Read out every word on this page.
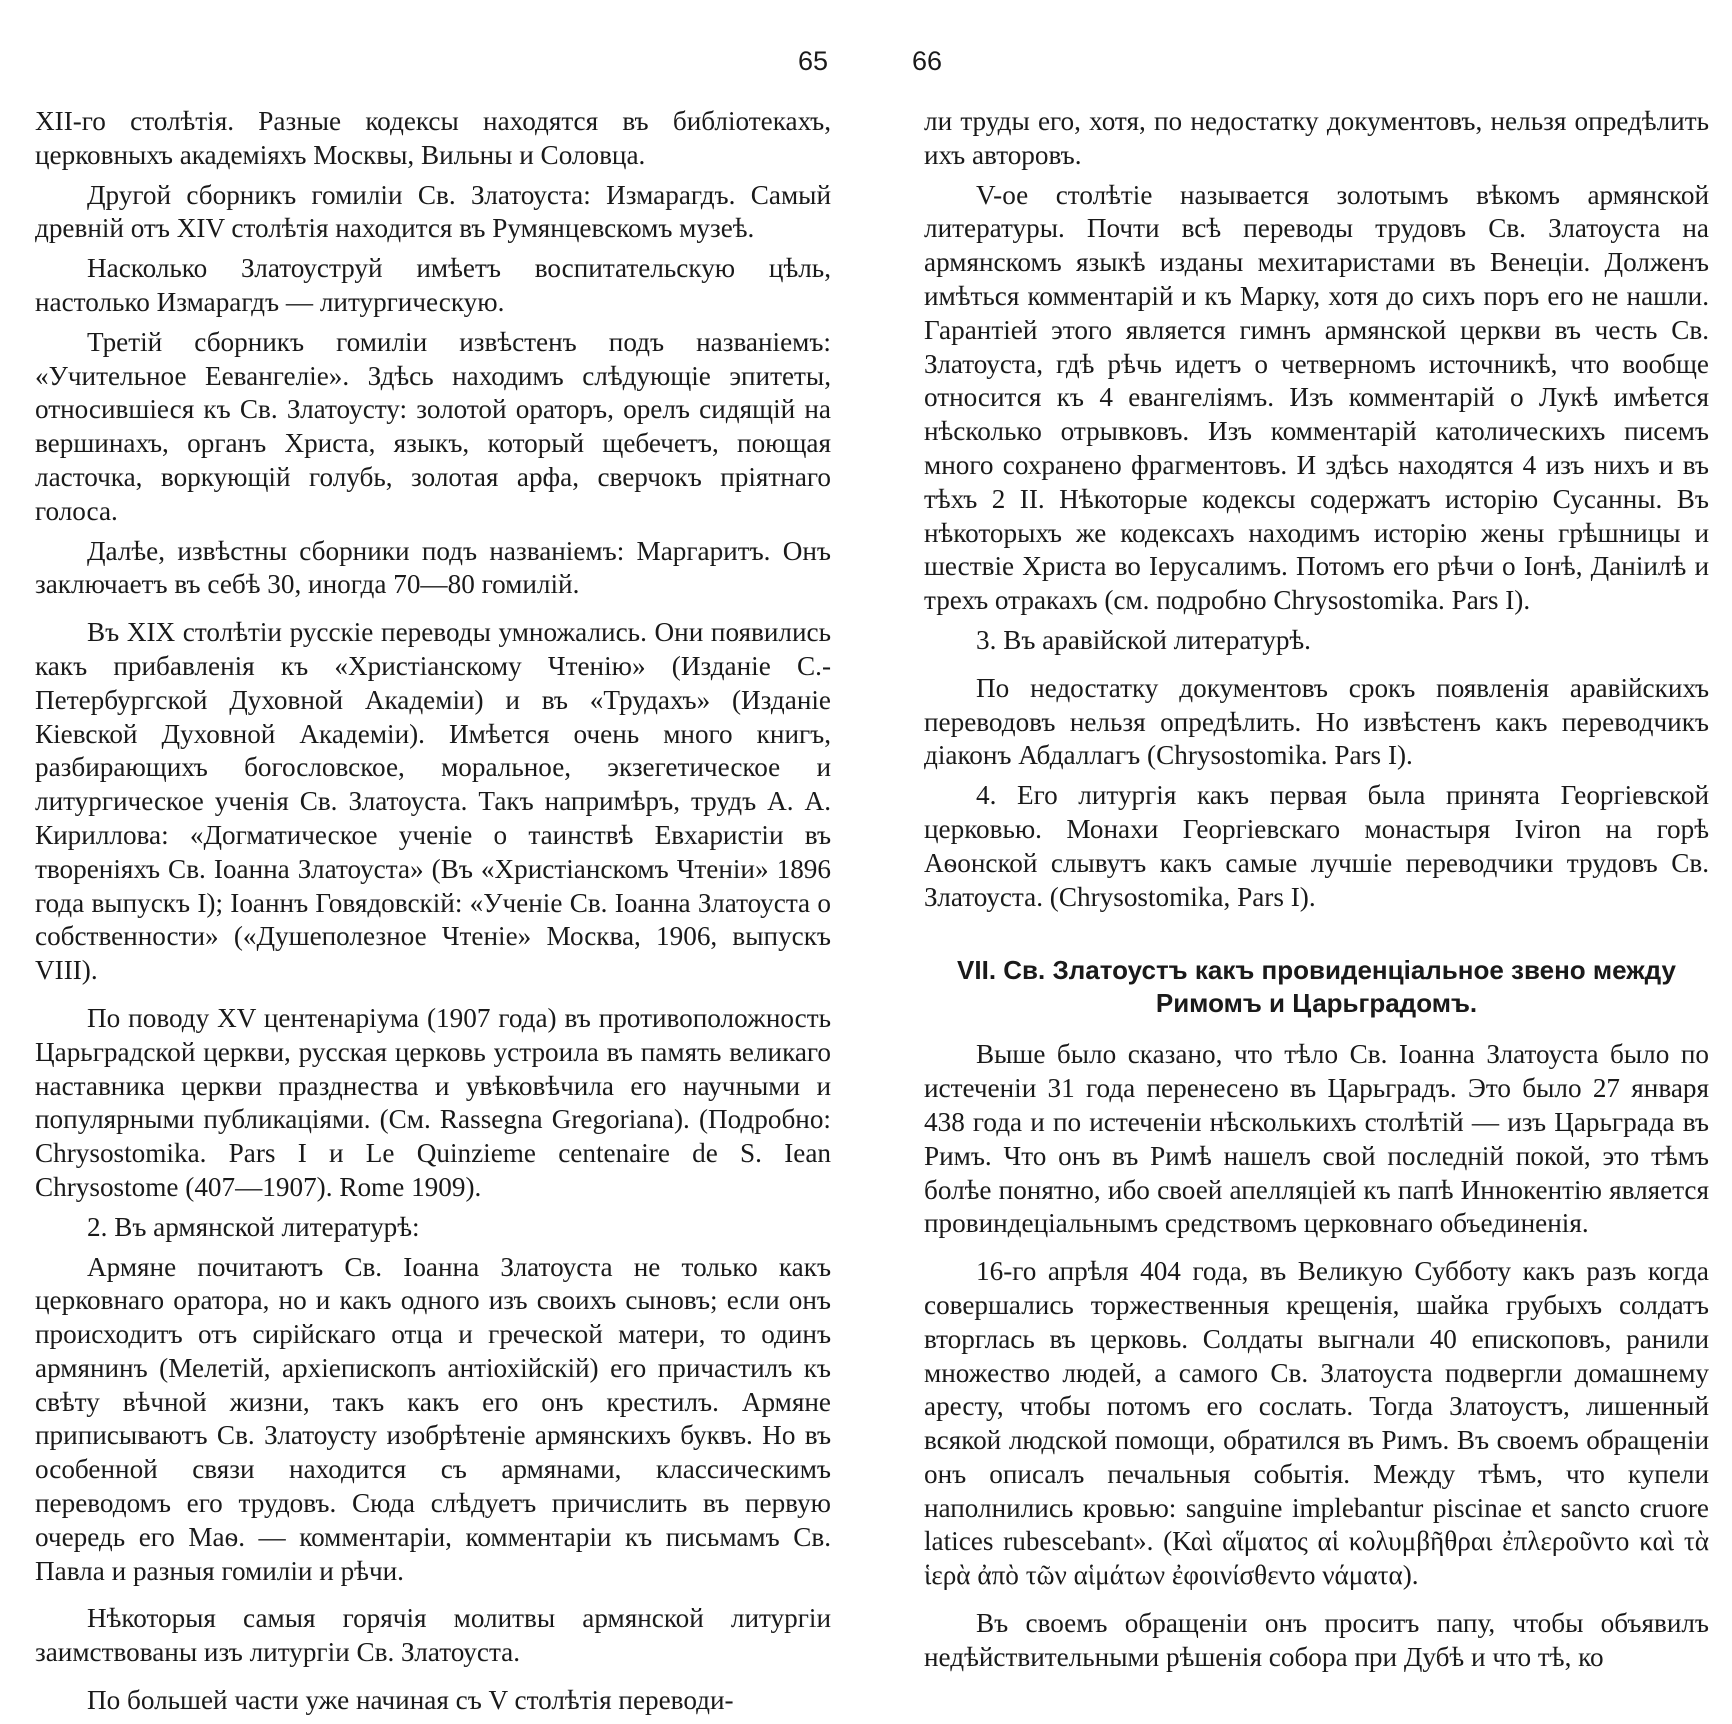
65

XII-го столѣтія. Разные кодексы находятся въ библіотекахъ, церковныхъ академіяхъ Москвы, Вильны и Соловца.

Другой сборникъ гомиліи Св. Златоуста: Измарагдъ. Самый древній отъ XIV столѣтія находится въ Румянцевскомъ музеѣ.

Насколько Златоуструй имѣетъ воспитательскую цѣль, настолько Измарагдъ — литургическую.

Третій сборникъ гомиліи извѣстенъ подъ названіемъ: «Учительное Еевангеліе». Здѣсь находимъ слѣдующіе эпитеты, относившіеся къ Св. Златоусту: золотой ораторъ, орелъ сидящій на вершинахъ, органъ Христа, языкъ, который щебечетъ, поющая ласточка, воркующій голубь, золотая арфа, сверчокъ пріятнаго голоса.

Далѣе, извѣстны сборники подъ названіемъ: Маргаритъ. Онъ заключаетъ въ себѣ 30, иногда 70—80 гомилій.

Въ XIX столѣтіи русскіе переводы умножались. Они появились какъ прибавленія къ «Христіанскому Чтенію» (Изданіе С.-Петербургской Духовной Академіи) и въ «Трудахъ» (Изданіе Кіевской Духовной Академіи). Имѣется очень много книгъ, разбирающихъ богословское, моральное, экзегетическое и литургическое ученія Св. Златоуста. Такъ напримѣръ, трудъ А. А. Кириллова: «Догматическое ученіе о таинствѣ Евхаристіи въ твореніяхъ Св. Іоанна Златоуста» (Въ «Христіанскомъ Чтеніи» 1896 года выпускъ I); Іоаннъ Говядовскій: «Ученіе Св. Іоанна Златоуста о собственности» («Душеполезное Чтеніе» Москва, 1906, выпускъ VIII).

По поводу XV центенаріума (1907 года) въ противоположность Царьградской церкви, русская церковь устроила въ память великаго наставника церкви празднества и увѣковѣчила его научными и популярными публикаціями. (См. Rassegna Gregoriana). (Подробно: Chrysostomika. Pars I и Le Quinzieme centenaire de S. Iean Chrysostome (407—1907). Rome 1909).

2. Въ армянской литературѣ:

Армяне почитаютъ Св. Іоанна Златоуста не только какъ церковнаго оратора, но и какъ одного изъ своихъ сыновъ; если онъ происходитъ отъ сирійскаго отца и греческой матери, то одинъ армянинъ (Мелетій, архіепископъ антіохійскій) его причастилъ къ свѣту вѣчной жизни, такъ какъ его онъ крестилъ. Армяне приписываютъ Св. Златоусту изобрѣтеніе армянскихъ буквъ. Но въ особенной связи находится съ армянами, классическимъ переводомъ его трудовъ. Сюда слѣдуетъ причислить въ первую очередь его Маѳ. — комментаріи, комментаріи къ письмамъ Св. Павла и разныя гомиліи и рѣчи.

Нѣкоторыя самыя горячія молитвы армянской литургіи заимствованы изъ литургіи Св. Златоуста.

По большей части уже начиная съ V столѣтія переводи-

66

ли труды его, хотя, по недостатку документовъ, нельзя опредѣлить ихъ авторовъ.

V-ое столѣтіе называется золотымъ вѣкомъ армянской литературы. Почти всѣ переводы трудовъ Св. Златоуста на армянскомъ языкѣ изданы мехитаристами въ Венеціи. Долженъ имѣться комментарій и къ Марку, хотя до сихъ поръ его не нашли. Гарантіей этого является гимнъ армянской церкви въ честь Св. Златоуста, гдѣ рѣчь идетъ о четверномъ источникѣ, что вообще относится къ 4 евангеліямъ. Изъ комментарій о Лукѣ имѣется нѣсколько отрывковъ. Изъ комментарій католическихъ писемъ много сохранено фрагментовъ. И здѣсь находятся 4 изъ нихъ и въ тѣхъ 2 II. Нѣкоторые кодексы содержатъ исторію Сусанны. Въ нѣкоторыхъ же кодексахъ находимъ исторію жены грѣшницы и шествіе Христа во Іерусалимъ. Потомъ его рѣчи о Іонѣ, Даніилѣ и трехъ отракахъ (см. подробно Chrysostomika. Pars I).

3. Въ аравійской литературѣ.

По недостатку документовъ срокъ появленія аравійскихъ переводовъ нельзя опредѣлить. Но извѣстенъ какъ переводчикъ діаконъ Абдаллагъ (Chrysostomika. Pars I).

4. Его литургія какъ первая была принята Георгіевской церковью. Монахи Георгіевскаго монастыря Iviron на горѣ Аѳонской слывутъ какъ самые лучшіе переводчики трудовъ Св. Златоуста. (Chrysostomika, Pars I).

VII. Св. Златоустъ какъ провиденціальное звено между Римомъ и Царьградомъ.

Выше было сказано, что тѣло Св. Іоанна Златоуста было по истеченіи 31 года перенесено въ Царьградъ. Это было 27 января 438 года и по истеченіи нѣсколькихъ столѣтій — изъ Царьграда въ Римъ. Что онъ въ Римѣ нашелъ свой последній покой, это тѣмъ болѣе понятно, ибо своей апелляціей къ папѣ Иннокентію является провиндеціальнымъ средствомъ церковнаго объединенія.

16-го апрѣля 404 года, въ Великую Субботу какъ разъ когда совершались торжественныя крещенія, шайка грубыхъ солдатъ вторглась въ церковь. Солдаты выгнали 40 епископовъ, ранили множество людей, а самого Св. Златоуста подвергли домашнему аресту, чтобы потомъ его сослать. Тогда Златоустъ, лишенный всякой людской помощи, обратился въ Римъ. Въ своемъ обращеніи онъ описалъ печальныя событія. Между тѣмъ, что купели наполнились кровью: sanguine implebantur piscinae et sancto cruore latices rubescebant». (Καὶ αἵματος αἱ κολυμβῆθραι ἐπλεροῦντο καὶ τὰ ἱερὰ ἀπὸ τῶν αἱμάτων ἐφοινίσθεντο νάματα).

Въ своемъ обращеніи онъ проситъ папу, чтобы объявилъ недѣйствительными рѣшенія собора при Дубѣ и что тѣ, ко
